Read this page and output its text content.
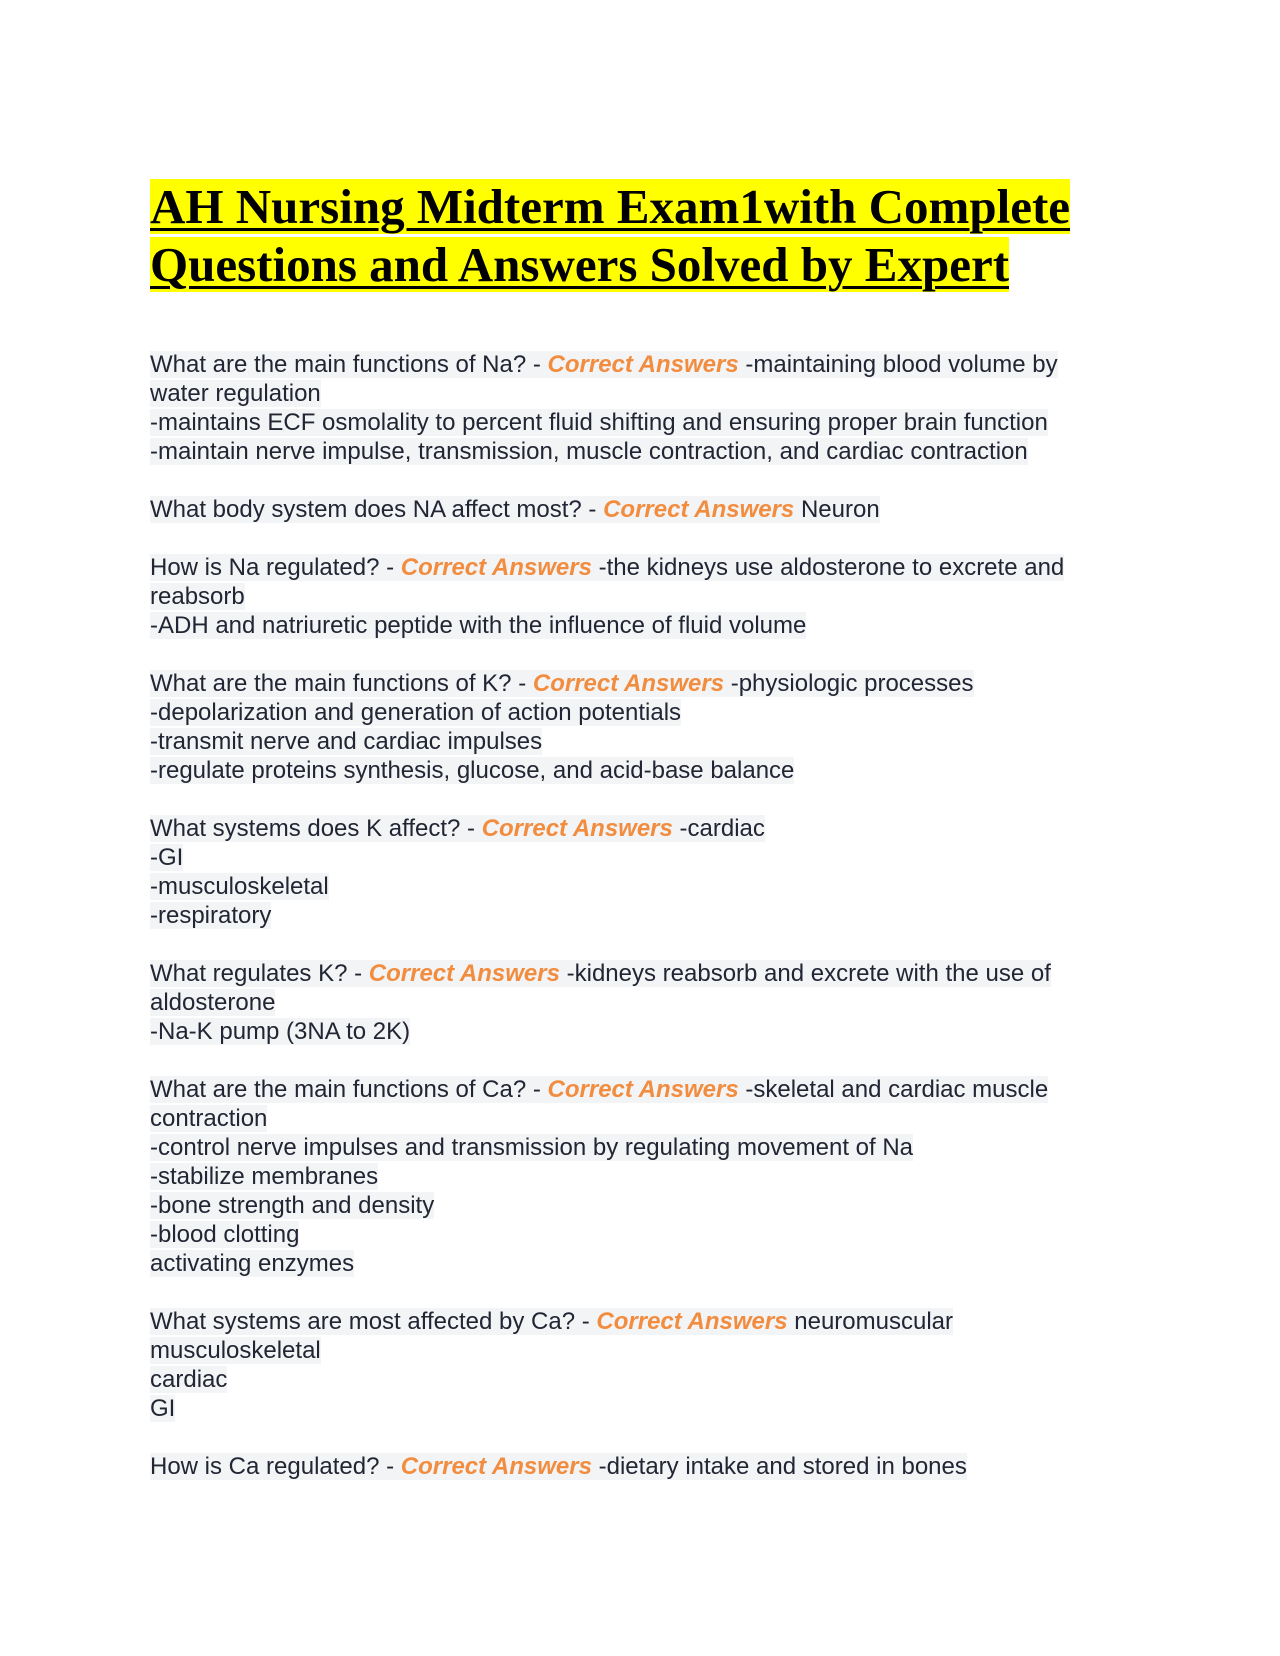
AH Nursing Midterm Exam1with Complete
Questions and Answers Solved by Expert
What are the main functions of Na? - Correct Answers -maintaining blood volume by water regulation
-maintains ECF osmolality to percent fluid shifting and ensuring proper brain function
-maintain nerve impulse, transmission, muscle contraction, and cardiac contraction
What body system does NA affect most? - Correct Answers Neuron
How is Na regulated? - Correct Answers -the kidneys use aldosterone to excrete and reabsorb
-ADH and natriuretic peptide with the influence of fluid volume
What are the main functions of K? - Correct Answers -physiologic processes
-depolarization and generation of action potentials
-transmit nerve and cardiac impulses
-regulate proteins synthesis, glucose, and acid-base balance
What systems does K affect? - Correct Answers -cardiac
-GI
-musculoskeletal
-respiratory
What regulates K? - Correct Answers -kidneys reabsorb and excrete with the use of aldosterone
-Na-K pump (3NA to 2K)
What are the main functions of Ca? - Correct Answers -skeletal and cardiac muscle contraction
-control nerve impulses and transmission by regulating movement of Na
-stabilize membranes
-bone strength and density
-blood clotting
activating enzymes
What systems are most affected by Ca? - Correct Answers neuromuscular
musculoskeletal
cardiac
GI
How is Ca regulated? - Correct Answers -dietary intake and stored in bones
